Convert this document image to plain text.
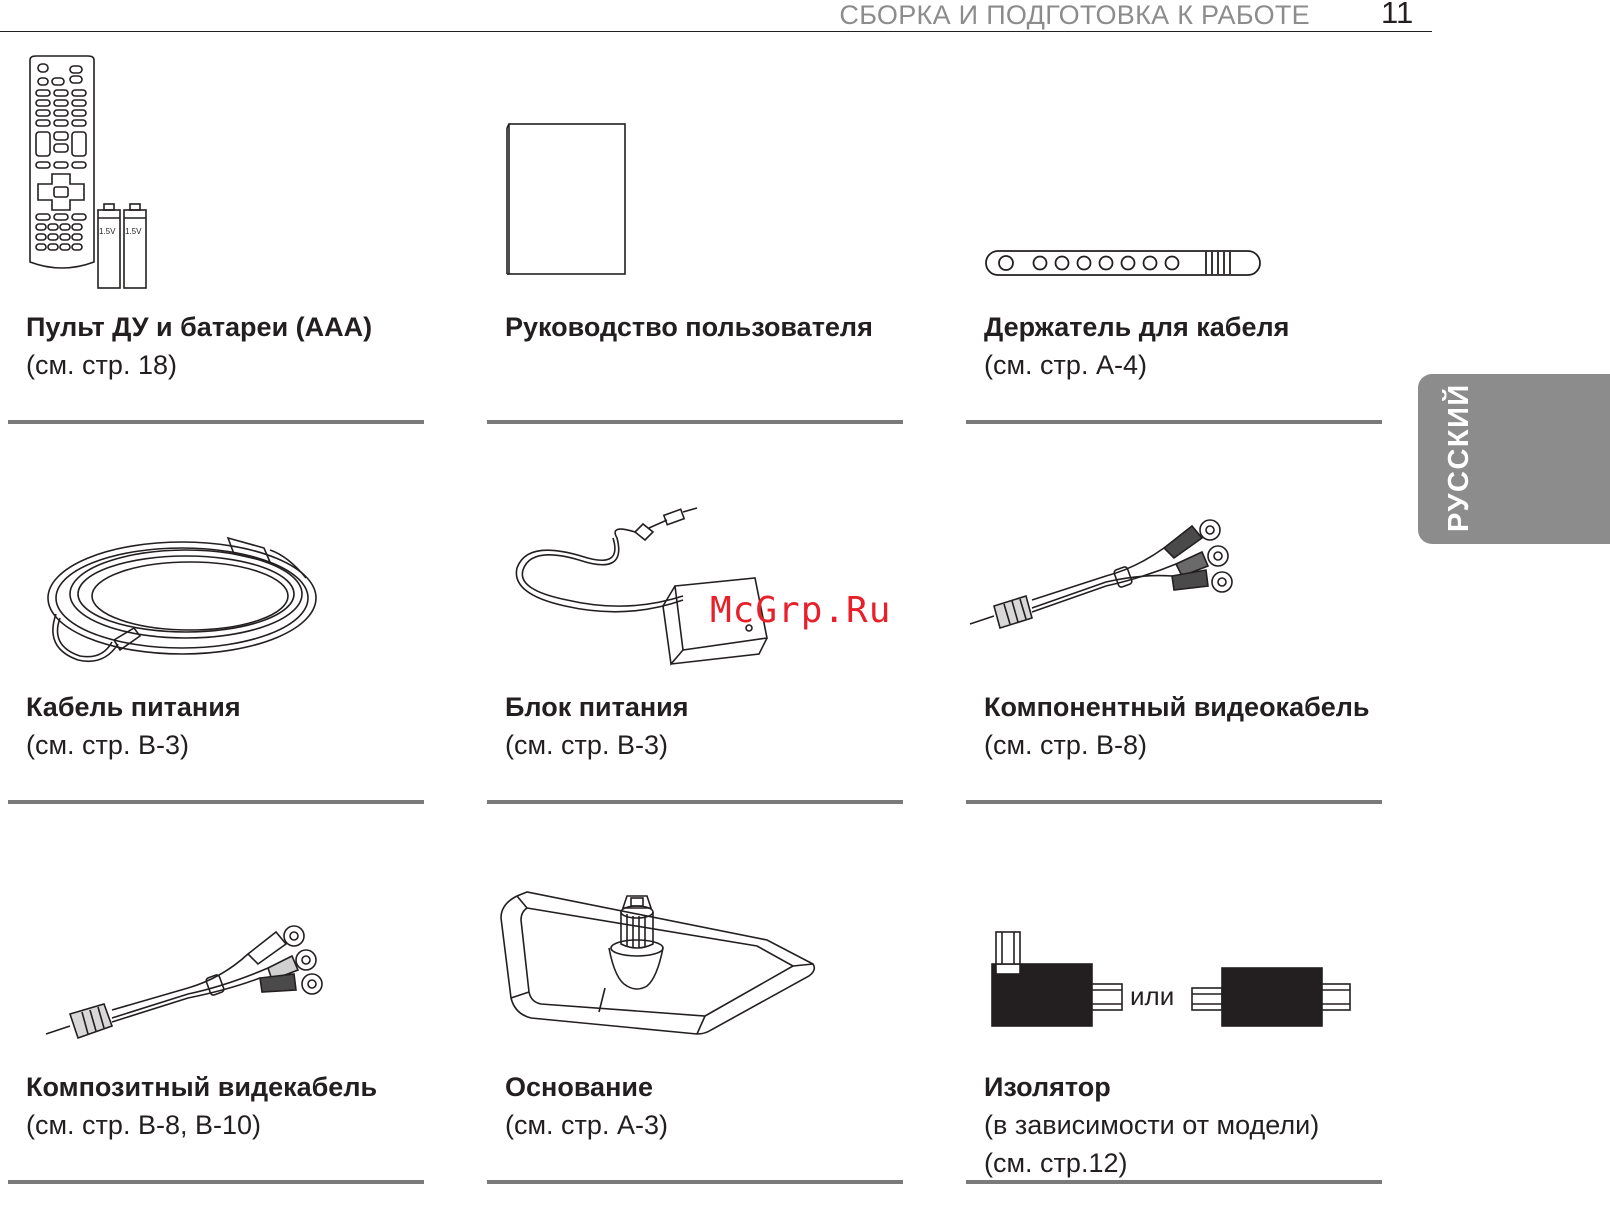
СБОРКА И ПОДГОТОВКА К РАБОТЕ 11
РУССКИЙ
1.5V 1.5V
Пульт ДУ и батареи (AAA)
(см. стр. 18)
Руководство пользователя	Держатель для кабеля
(см. стр. A-4)
Кабель питания
(см. стр. B-3)
Блок питания
(см. стр. B-3)
Компонентный видеокабель
(см. стр. B-8)
Композитный видекабель
(см. стр. B-8, B-10)
Основание
(см. стр. A-3)
или
Изолятор
(в зависимости от модели)
(см. стр.12)
McGrp.Ru
